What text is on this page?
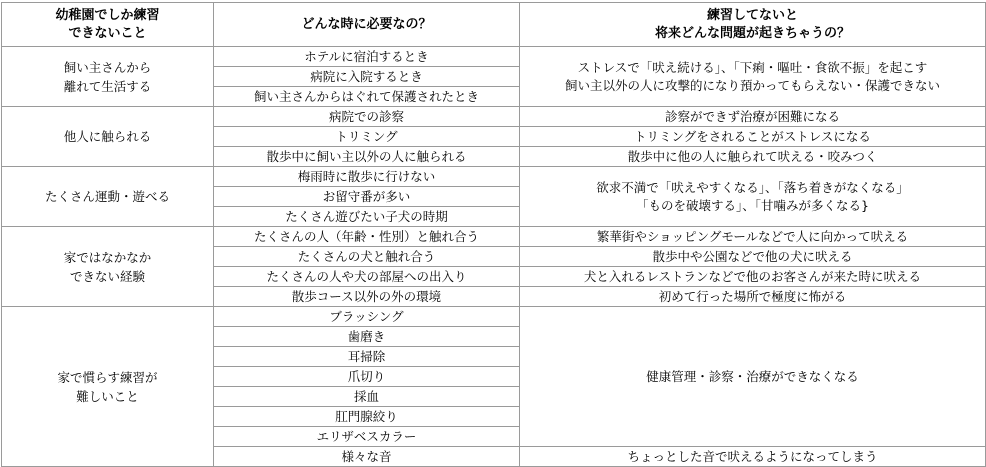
幼稚園でしか練習
できないこと	どんな時に必要なの？	練習してないと
将来どんな問題が起きちゃうの？

飼い主さんから
離れて生活する	ホテルに宿泊するとき	ストレスで「吠え続ける」、「下痢・嘔吐・食欲不振」を起こす
飼い主以外の人に攻撃的になり預かってもらえない・保護できない

	病院に入院するとき	
	飼い主さんからはぐれて保護されたとき	

他人に触られる	病院での診察	診察ができず治療が困難になる

	トリミング	トリミングをされることがストレスになる

	散歩中に飼い主以外の人に触られる	散歩中に他の人に触られて吠える・咬みつく

たくさん運動・遊べる	梅雨時に散歩に行けない	欲求不満で「吠えやすくなる」、「落ち着きがなくなる」
「ものを破壊する」、「甘噛みが多くなる}

	お留守番が多い	
	たくさん遊びたい子犬の時期	

家ではなかなか
できない経験	たくさんの人（年齢・性別）と触れ合う	繁華街やショッピングモールなどで人に向かって吠える

	たくさんの犬と触れ合う	散歩中や公園などで他の犬に吠える

	たくさんの人や犬の部屋への出入り	犬と入れるレストランなどで他のお客さんが来た時に吠える

	散歩コース以外の外の環境	初めて行った場所で極度に怖がる

家で慣らす練習が
難しいこと	ブラッシング	健康管理・診察・治療ができなくなる

	歯磨き	
	耳掃除	
	爪切り	
	採血	
	肛門腺絞り	
	エリザベスカラー	
	様々な音	ちょっとした音で吠えるようになってしまう
